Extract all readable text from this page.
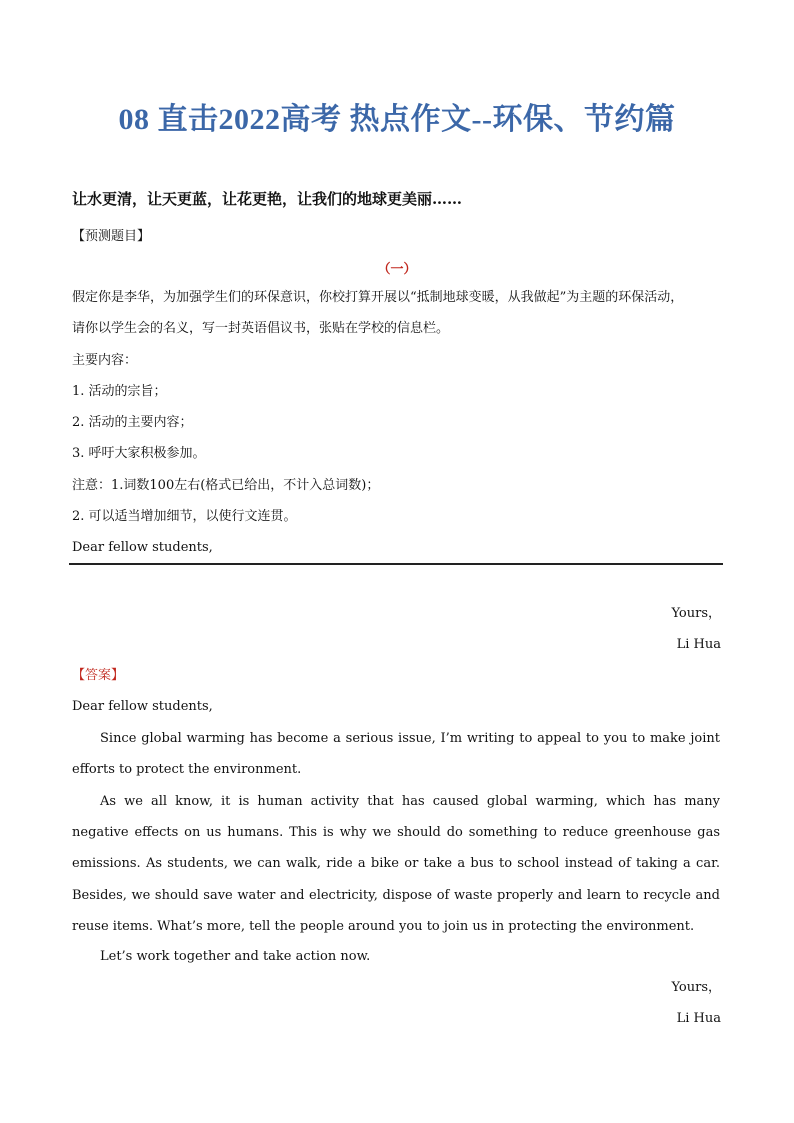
08 直击2022高考 热点作文--环保、节约篇
让水更清，让天更蓝，让花更艳，让我们的地球更美丽……
【预测题目】
（一）
假定你是李华，为加强学生们的环保意识，你校打算开展以“抵制地球变暖，从我做起”为主题的环保活动，
请你以学生会的名义，写一封英语倡议书，张贴在学校的信息栏。
主要内容：
1. 活动的宗旨；
2. 活动的主要内容；
3. 呼吁大家积极参加。
注意：1.词数100左右(格式已给出，不计入总词数)；
2. 可以适当增加细节，以使行文连贯。
Dear fellow students,
Yours，
Li Hua
【答案】
Dear fellow students,
Since global warming has become a serious issue, I’m writing to appeal to you to make joint efforts to protect the environment.
As we all know, it is human activity that has caused global warming, which has many negative effects on us humans. This is why we should do something to reduce greenhouse gas emissions. As students, we can walk, ride a bike or take a bus to school instead of taking a car. Besides, we should save water and electricity, dispose of waste properly and learn to recycle and reuse items. What’s more, tell the people around you to join us in protecting the environment.
Let’s work together and take action now.
Yours，
Li Hua
